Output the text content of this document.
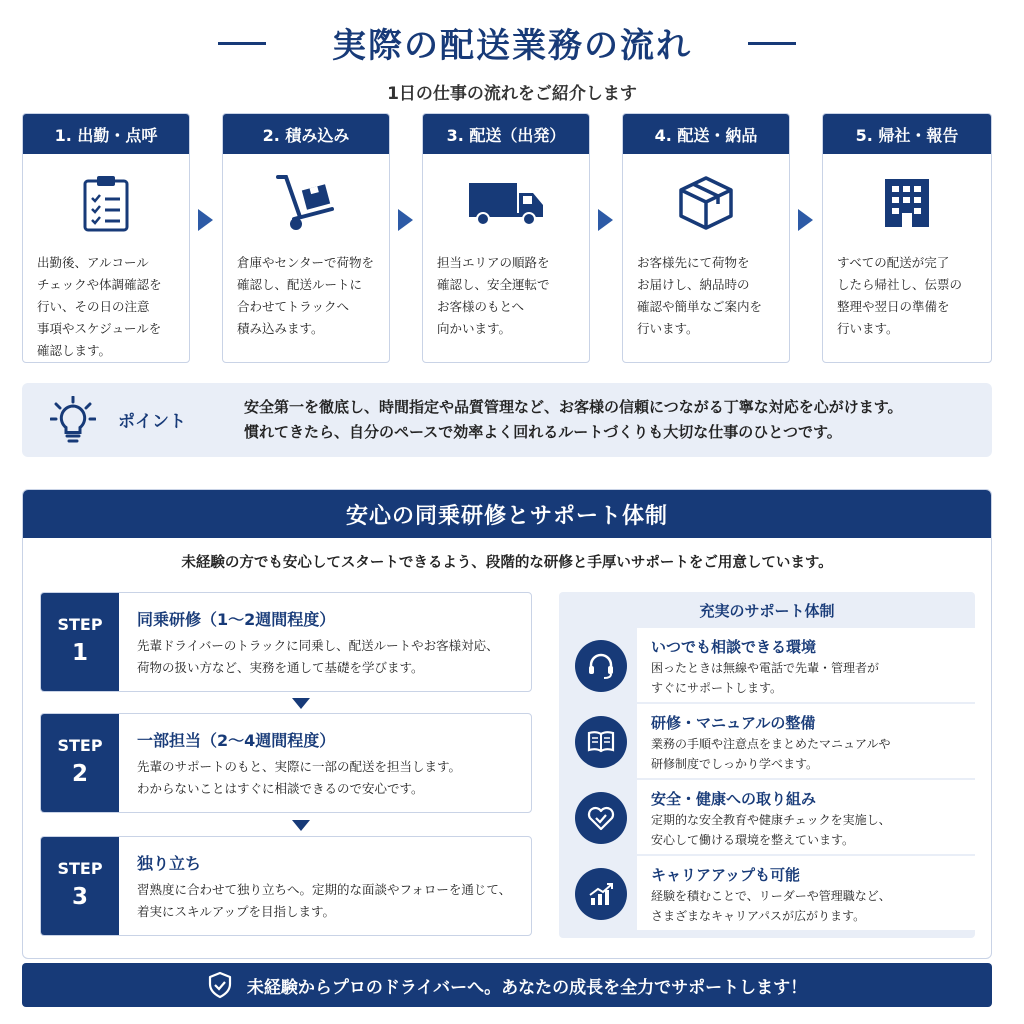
実際の配送業務の流れ
1日の仕事の流れをご紹介します
1. 出勤・点呼
出勤後、アルコール
チェックや体調確認を
行い、その日の注意
事項やスケジュールを
確認します。
2. 積み込み
倉庫やセンターで荷物を
確認し、配送ルートに
合わせてトラックへ
積み込みます。
3. 配送（出発）
担当エリアの順路を
確認し、安全運転で
お客様のもとへ
向かいます。
4. 配送・納品
お客様先にて荷物を
お届けし、納品時の
確認や簡単なご案内を
行います。
5. 帰社・報告
すべての配送が完了
したら帰社し、伝票の
整理や翌日の準備を
行います。
ポイント
安全第一を徹底し、時間指定や品質管理など、お客様の信頼につながる丁寧な対応を心がけます。
慣れてきたら、自分のペースで効率よく回れるルートづくりも大切な仕事のひとつです。
安心の同乗研修とサポート体制
未経験の方でも安心してスタートできるよう、段階的な研修と手厚いサポートをご用意しています。
STEP
1
同乗研修（1〜2週間程度）
先輩ドライバーのトラックに同乗し、配送ルートやお客様対応、
荷物の扱い方など、実務を通して基礎を学びます。
STEP
2
一部担当（2〜4週間程度）
先輩のサポートのもと、実際に一部の配送を担当します。
わからないことはすぐに相談できるので安心です。
STEP
3
独り立ち
習熟度に合わせて独り立ちへ。定期的な面談やフォローを通じて、
着実にスキルアップを目指します。
充実のサポート体制
いつでも相談できる環境
困ったときは無線や電話で先輩・管理者が
すぐにサポートします。
研修・マニュアルの整備
業務の手順や注意点をまとめたマニュアルや
研修制度でしっかり学べます。
安全・健康への取り組み
定期的な安全教育や健康チェックを実施し、
安心して働ける環境を整えています。
キャリアアップも可能
経験を積むことで、リーダーや管理職など、
さまざまなキャリアパスが広がります。
未経験からプロのドライバーへ。あなたの成長を全力でサポートします！
